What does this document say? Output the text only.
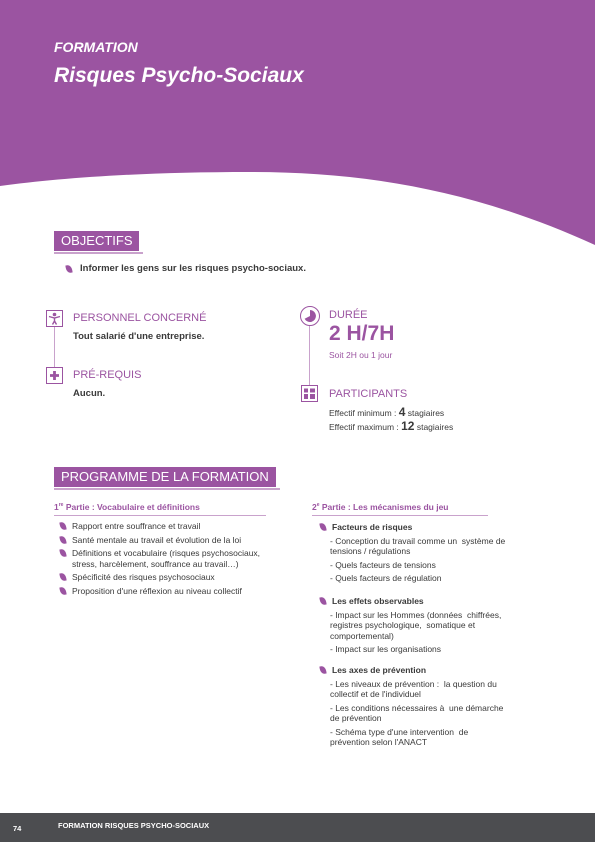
FORMATION
Risques Psycho-Sociaux
OBJECTIFS
Informer les gens sur les risques psycho-sociaux.
PERSONNEL CONCERNÉ
Tout salarié d'une entreprise.
PRÉ-REQUIS
Aucun.
DURÉE
2 H/7H
Soit 2H ou 1 jour
PARTICIPANTS
Effectif minimum : 4 stagiaires
Effectif maximum : 12 stagiaires
PROGRAMME DE LA FORMATION
1re Partie : Vocabulaire et définitions
Rapport entre souffrance et travail
Santé mentale au travail et évolution de la loi
Définitions et vocabulaire (risques psychosociaux, stress, harcèlement, souffrance au travail…)
Spécificité des risques psychosociaux
Proposition d'une réflexion au niveau collectif
2e Partie : Les mécanismes du jeu
Facteurs de risques
- Conception du travail comme un  système de tensions / régulations
- Quels facteurs de tensions
- Quels facteurs de régulation
Les effets observables
- Impact sur les Hommes (données  chiffrées, registres psychologique,  somatique et comportemental)
- Impact sur les organisations
Les axes de prévention
- Les niveaux de prévention :  la question du collectif et de l'individuel
- Les conditions nécessaires à  une démarche de prévention
- Schéma type d'une intervention  de prévention selon l'ANACT
74	FORMATION RISQUES PSYCHO-SOCIAUX
